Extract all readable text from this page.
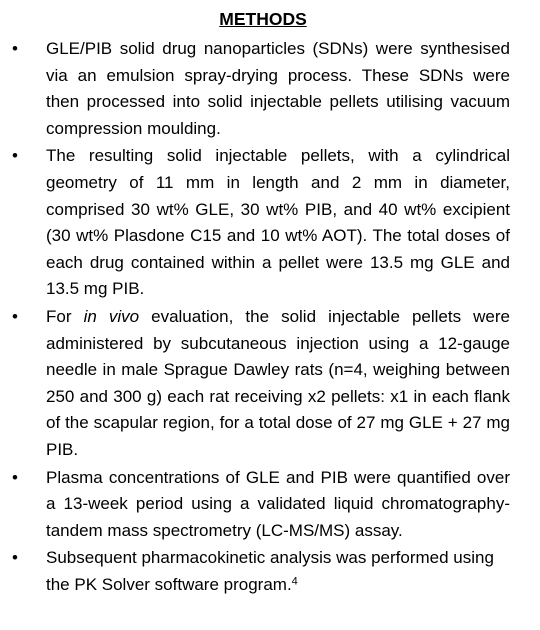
METHODS
• GLE/PIB solid drug nanoparticles (SDNs) were synthesised via an emulsion spray-drying process. These SDNs were then processed into solid injectable pellets utilising vacuum compression moulding.

• The resulting solid injectable pellets, with a cylindrical geometry of 11 mm in length and 2 mm in diameter, comprised 30 wt% GLE, 30 wt% PIB, and 40 wt% excipient (30 wt% Plasdone C15 and 10 wt% AOT). The total doses of each drug contained within a pellet were 13.5 mg GLE and 13.5 mg PIB.

• For in vivo evaluation, the solid injectable pellets were administered by subcutaneous injection using a 12-gauge needle in male Sprague Dawley rats (n=4, weighing between 250 and 300 g) each rat receiving x2 pellets: x1 in each flank of the scapular region, for a total dose of 27 mg GLE + 27 mg PIB.

• Plasma concentrations of GLE and PIB were quantified over a 13-week period using a validated liquid chromatography-tandem mass spectrometry (LC-MS/MS) assay.

• Subsequent pharmacokinetic analysis was performed using the PK Solver software program.$^4$
